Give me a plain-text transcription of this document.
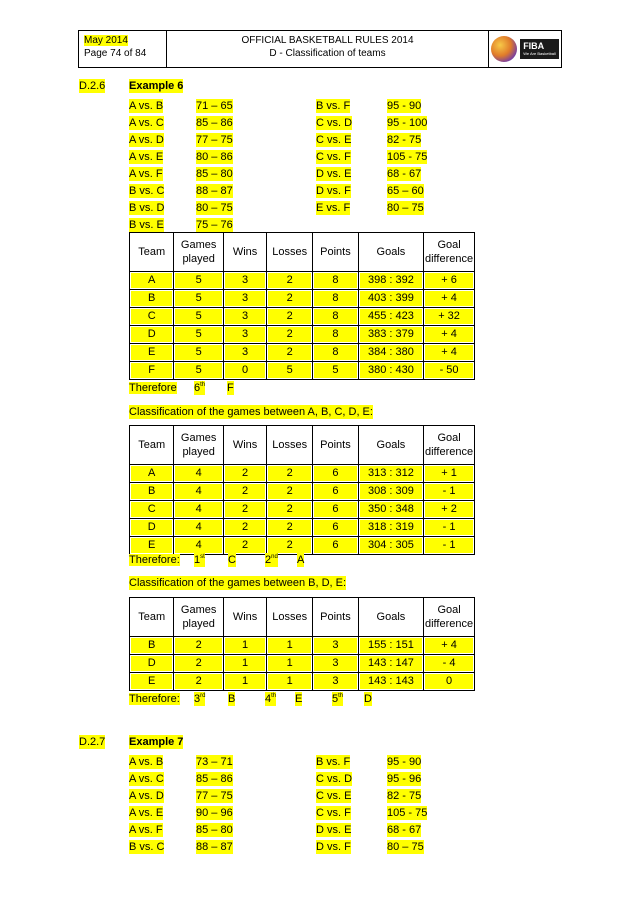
May 2014
Page 74 of 84
OFFICIAL BASKETBALL RULES 2014
D - Classification of teams
FIBA
We Are Basketball
D.2.6 Example 6
A vs. B	71 – 65	B vs. F	95 - 90
A vs. C	85 – 86	C vs. D	95 - 100
A vs. D	77 – 75	C vs. E	82 - 75
A vs. E	80 – 86	C vs. F	105 - 75
A vs. F	85 – 80	D vs. E	68 - 67
B vs. C	88 – 87	D vs. F	65 – 60
B vs. D	80 – 75	E vs. F	80 – 75
B vs. E	75 – 76
Team	Games played	Wins	Losses	Points	Goals	Goal difference

A	5	3	2	8	398 : 392	+ 6

B	5	3	2	8	403 : 399	+ 4

C	5	3	2	8	455 : 423	+ 32

D	5	3	2	8	383 : 379	+ 4

E	5	3	2	8	384 : 380	+ 4

F	5	0	5	5	380 : 430	- 50
Therefore 6th F
Classification of the games between A, B, C, D, E:
Team	Games played	Wins	Losses	Points	Goals	Goal difference

A	4	2	2	6	313 : 312	+ 1

B	4	2	2	6	308 : 309	- 1

C	4	2	2	6	350 : 348	+ 2

D	4	2	2	6	318 : 319	- 1

E	4	2	2	6	304 : 305	- 1
Therefore: 1st C	2nd A
Classification of the games between B, D, E:
Team	Games played	Wins	Losses	Points	Goals	Goal difference

B	2	1	1	3	155 : 151	+ 4

D	2	1	1	3	143 : 147	- 4

E	2	1	1	3	143 : 143	0
Therefore: 3rd B	4th E	5th D
D.2.7 Example 7
A vs. B	73 – 71	B vs. F	95 - 90
A vs. C	85 – 86	C vs. D	95 - 96
A vs. D	77 – 75	C vs. E	82 - 75
A vs. E	90 – 96	C vs. F	105 - 75
A vs. F	85 – 80	D vs. E	68 - 67
B vs. C	88 – 87	D vs. F	80 – 75
